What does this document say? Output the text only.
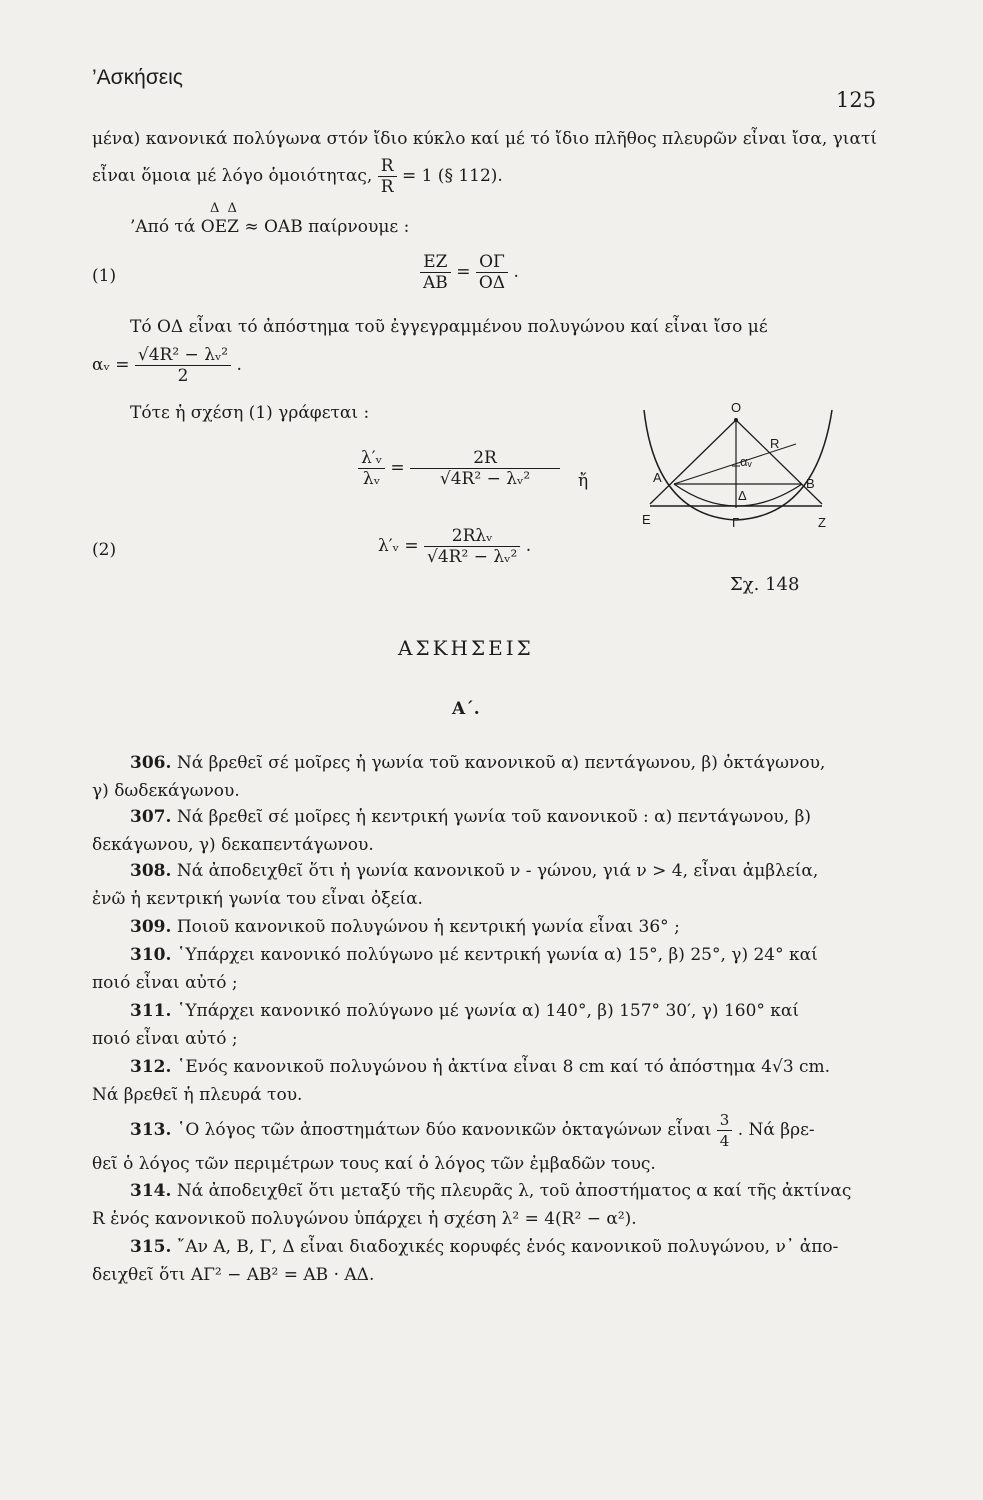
’Ασκήσεις
125
μένα) κανονικά πολύγωνα στόν ἴδιο κύκλο καί μέ τό ἴδιο πλῆθος πλευρῶν εἶναι ἴσα, γιατί
εἶναι ὅμοια μέ λόγο ὁμοιότητας, $\frac{R}{R} = 1$ (§ 112).
Δ Δ
’Από τά OEZ ≈ OAB παίρνουμε :
(1)	$\frac{EZ}{AB} = \frac{O\Gamma}{O\Delta}$ .
Τό OΔ εἶναι τό ἀπόστημα τοῦ ἐγγεγραμμένου πολυγώνου καί εἶναι ἴσο μέ
αᵥ = $\frac{\text{√4R² − λᵥ²}}{2}$ .
Τότε ἡ σχέση (1) γράφεται :
$\frac{\text{λ′ᵥ}}{\text{λᵥ}} = \frac{2R}{\text{√4R² − λᵥ²}}$ ἤ
(2)	λ′ᵥ = $\frac{\text{2Rλᵥ}}{\text{√4R² − λᵥ²}}$ .
O
R
αᵥ
A	B
Δ
E	Γ	Z
Σχ. 148
ΑΣΚΗΣΕΙΣ
Α΄.
306. Νά βρεθεῖ σέ μοῖρες ἡ γωνία τοῦ κανονικοῦ α) πεντάγωνου, β) ὀκτάγωνου,
γ) δωδεκάγωνου.
307. Νά βρεθεῖ σέ μοῖρες ἡ κεντρική γωνία τοῦ κανονικοῦ : α) πεντάγωνου, β)
δεκάγωνου, γ) δεκαπεντάγωνου.
308. Νά ἀποδειχθεῖ ὅτι ἡ γωνία κανονικοῦ ν - γώνου, γιά ν > 4, εἶναι ἀμβλεία,
ἐνῶ ἡ κεντρική γωνία του εἶναι ὀξεία.
309. Ποιοῦ κανονικοῦ πολυγώνου ἡ κεντρική γωνία εἶναι 36° ;
310. ῾Υπάρχει κανονικό πολύγωνο μέ κεντρική γωνία α) 15°, β) 25°, γ) 24° καί
ποιό εἶναι αὐτό ;
311. ῾Υπάρχει κανονικό πολύγωνο μέ γωνία α) 140°, β) 157° 30′, γ) 160° καί
ποιό εἶναι αὐτό ;
312. ῾Ενός κανονικοῦ πολυγώνου ἡ ἀκτίνα εἶναι 8 cm καί τό ἀπόστημα 4√3 cm.
Νά βρεθεῖ ἡ πλευρά του.
313. ῾Ο λόγος τῶν ἀποστημάτων δύο κανονικῶν ὀκταγώνων εἶναι $\frac{3}{4}$ . Νά βρε-
θεῖ ὁ λόγος τῶν περιμέτρων τους καί ὁ λόγος τῶν ἐμβαδῶν τους.
314. Νά ἀποδειχθεῖ ὅτι μεταξύ τῆς πλευρᾶς λ, τοῦ ἀποστήματος α καί τῆς ἀκτίνας
R ἑνός κανονικοῦ πολυγώνου ὑπάρχει ἡ σχέση λ² = 4(R² − α²).
315. ῎Αν A, B, Γ, Δ εἶναι διαδοχικές κορυφές ἑνός κανονικοῦ πολυγώνου, ν᾽ ἀπο-
δειχθεῖ ὅτι AΓ² − AB² = AB · AΔ.
